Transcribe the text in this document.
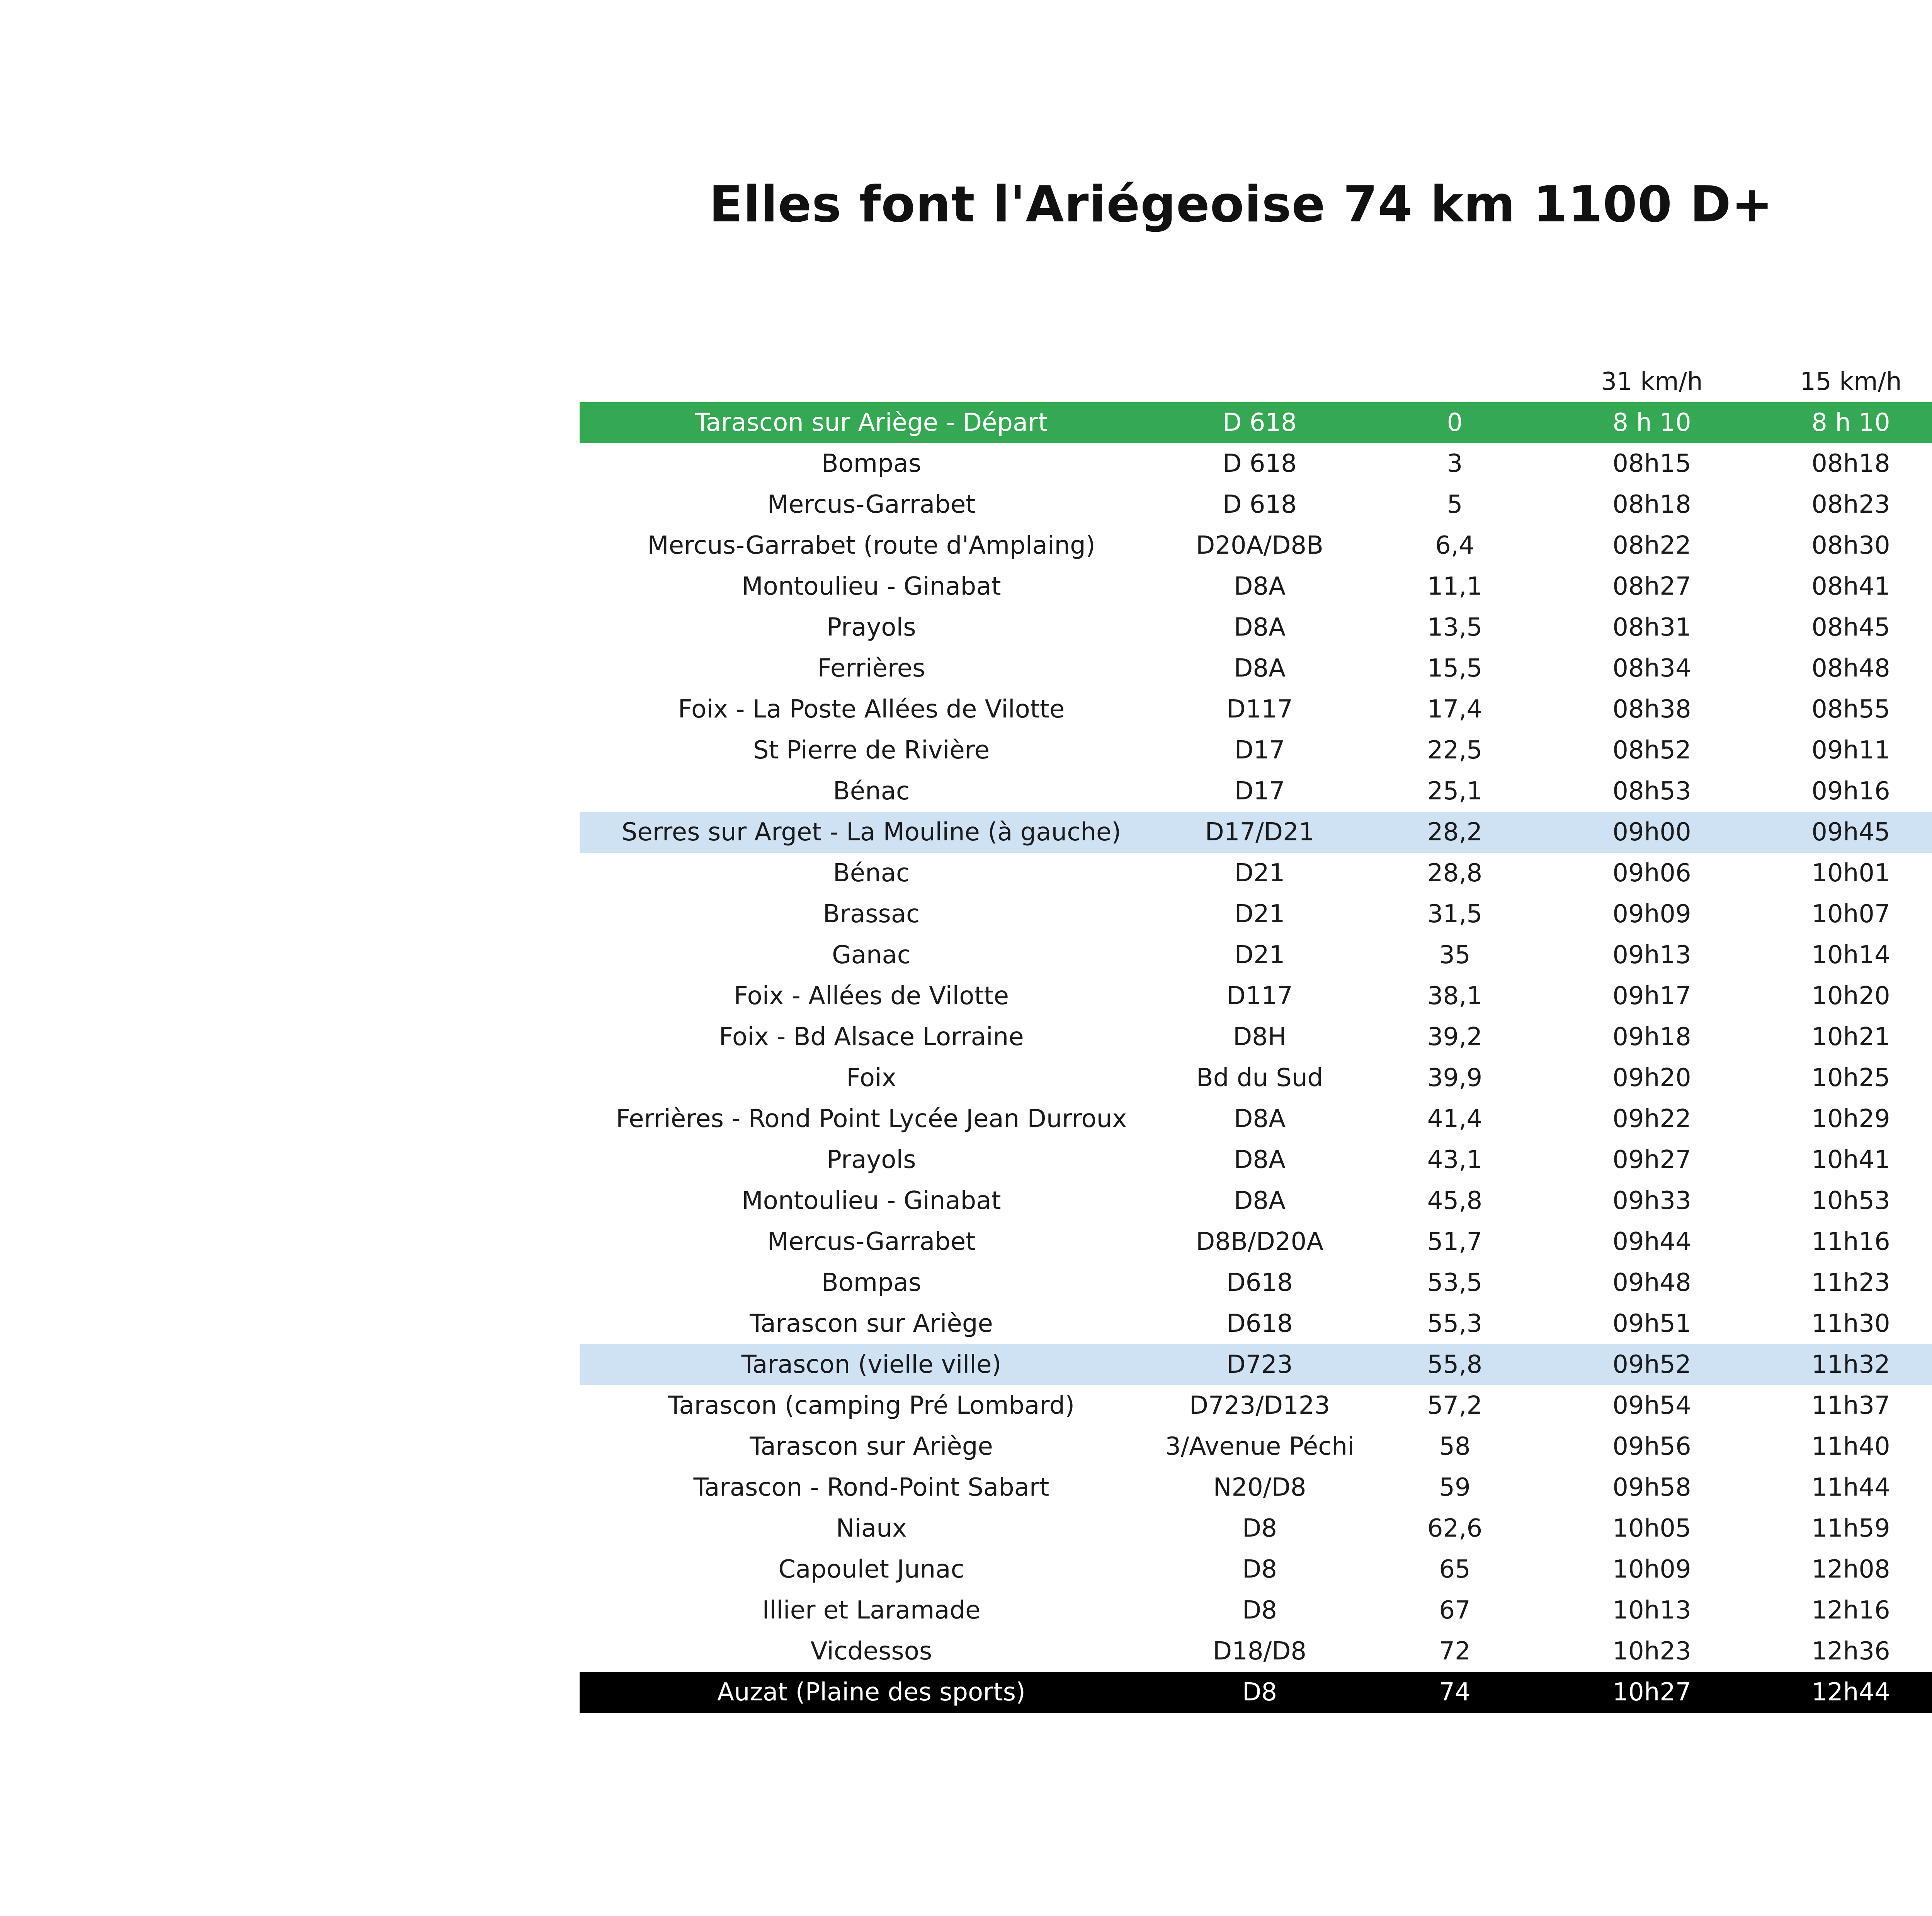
Elles font l'Ariégeoise 74 km 1100 D+
			31 km/h	15 km/h
Tarascon sur Ariège - Départ	D 618	0	8 h 10	8 h 10
Bompas	D 618	3	08h15	08h18
Mercus-Garrabet	D 618	5	08h18	08h23
Mercus-Garrabet (route d'Amplaing)	D20A/D8B	6,4	08h22	08h30
Montoulieu - Ginabat	D8A	11,1	08h27	08h41
Prayols	D8A	13,5	08h31	08h45
Ferrières	D8A	15,5	08h34	08h48
Foix - La Poste Allées de Vilotte	D117	17,4	08h38	08h55
St Pierre de Rivière	D17	22,5	08h52	09h11
Bénac	D17	25,1	08h53	09h16
Serres sur Arget - La Mouline (à gauche)	D17/D21	28,2	09h00	09h45
Bénac	D21	28,8	09h06	10h01
Brassac	D21	31,5	09h09	10h07
Ganac	D21	35	09h13	10h14
Foix - Allées de Vilotte	D117	38,1	09h17	10h20
Foix - Bd Alsace Lorraine	D8H	39,2	09h18	10h21
Foix	Bd du Sud	39,9	09h20	10h25
Ferrières - Rond Point Lycée Jean Durroux	D8A	41,4	09h22	10h29
Prayols	D8A	43,1	09h27	10h41
Montoulieu - Ginabat	D8A	45,8	09h33	10h53
Mercus-Garrabet	D8B/D20A	51,7	09h44	11h16
Bompas	D618	53,5	09h48	11h23
Tarascon sur Ariège	D618	55,3	09h51	11h30
Tarascon (vielle ville)	D723	55,8	09h52	11h32
Tarascon (camping Pré Lombard)	D723/D123	57,2	09h54	11h37
Tarascon sur Ariège	3/Avenue Péchi	58	09h56	11h40
Tarascon - Rond-Point Sabart	N20/D8	59	09h58	11h44
Niaux	D8	62,6	10h05	11h59
Capoulet Junac	D8	65	10h09	12h08
Illier et Laramade	D8	67	10h13	12h16
Vicdessos	D18/D8	72	10h23	12h36
Auzat (Plaine des sports)	D8	74	10h27	12h44
